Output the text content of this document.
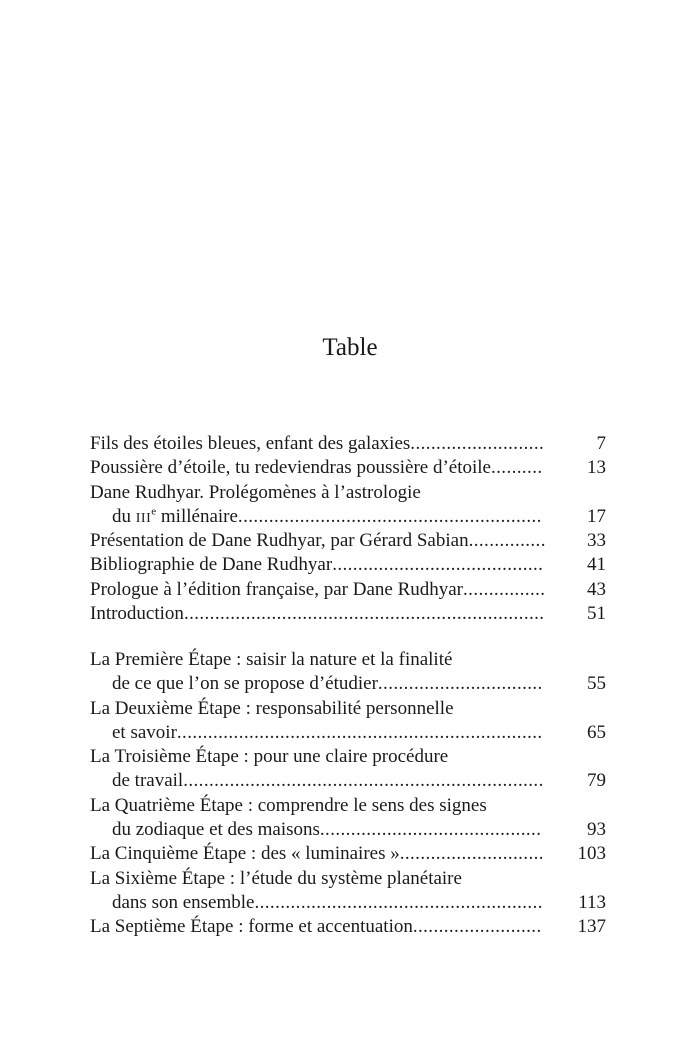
Table
Fils des étoiles bleues, enfant des galaxies..........................	7
Poussière d’étoile, tu redeviendras poussière d’étoile.......... 13
Dane Rudhyar. Prolégomènes à l’astrologie
du IIIe millénaire........................................................... 17
Présentation de Dane Rudhyar, par Gérard Sabian............... 33
Bibliographie de Dane Rudhyar......................................... 41
Prologue à l’édition française, par Dane Rudhyar................ 43
Introduction...................................................................... 51
La Première Étape : saisir la nature et la finalité
de ce que l’on se propose d’étudier................................ 55
La Deuxième Étape : responsabilité personnelle
et savoir....................................................................... 65
La Troisième Étape : pour une claire procédure
de travail...................................................................... 79
La Quatrième Étape : comprendre le sens des signes
du zodiaque et des maisons........................................... 93
La Cinquième Étape : des « luminaires »............................ 103
La Sixième Étape : l’étude du système planétaire
dans son ensemble........................................................ 113
La Septième Étape : forme et accentuation......................... 137
